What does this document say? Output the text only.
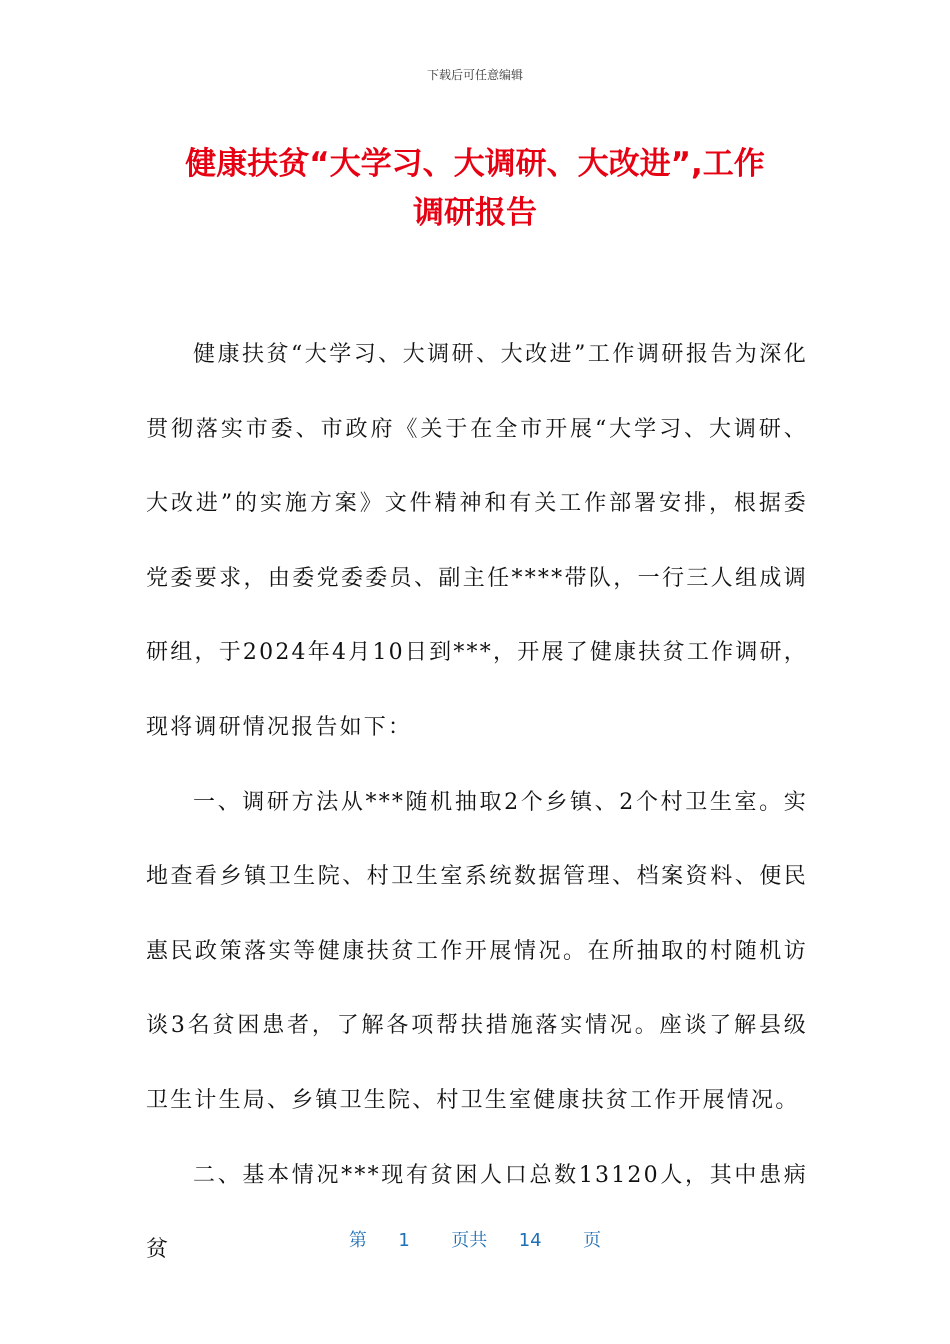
下载后可任意编辑
健康扶贫“大学习、大调研、大改进”,工作
调研报告

健康扶贫“大学习、大调研、大改进”工作调研报告为深化贯彻落实市委、市政府《关于在全市开展“大学习、大调研、大改进”的实施方案》文件精神和有关工作部署安排，根据委党委要求，由委党委委员、副主任****带队，一行三人组成调研组，于2024年4月10日到***，开展了健康扶贫工作调研，现将调研情况报告如下：

一、调研方法从***随机抽取2个乡镇、2个村卫生室。实地查看乡镇卫生院、村卫生室系统数据管理、档案资料、便民惠民政策落实等健康扶贫工作开展情况。在所抽取的村随机访谈3名贫困患者，了解各项帮扶措施落实情况。座谈了解县级卫生计生局、乡镇卫生院、村卫生室健康扶贫工作开展情况。

二、基本情况***现有贫困人口总数13120人，其中患病贫	第 1 页共 14 页
